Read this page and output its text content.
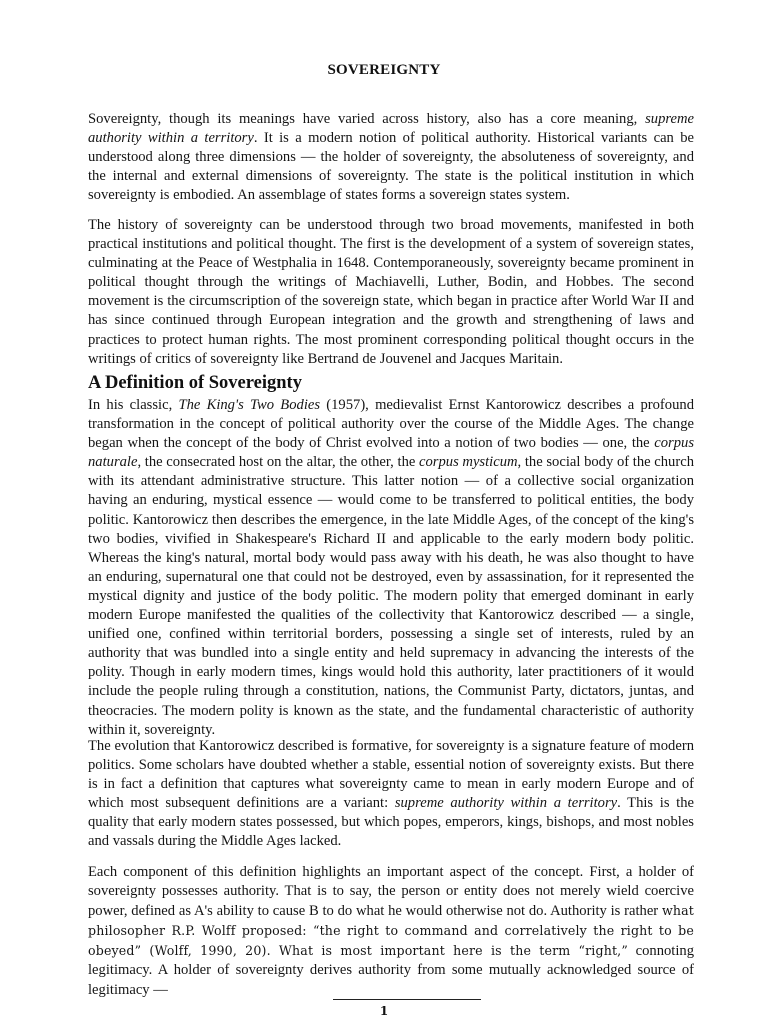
SOVEREIGNTY

Sovereignty, though its meanings have varied across history, also has a core meaning, supreme authority within a territory. It is a modern notion of political authority. Historical variants can be understood along three dimensions — the holder of sovereignty, the absoluteness of sovereignty, and the internal and external dimensions of sovereignty. The state is the political institution in which sovereignty is embodied. An assemblage of states forms a sovereign states system.

The history of sovereignty can be understood through two broad movements, manifested in both practical institutions and political thought. The first is the development of a system of sovereign states, culminating at the Peace of Westphalia in 1648. Contemporaneously, sovereignty became prominent in political thought through the writings of Machiavelli, Luther, Bodin, and Hobbes. The second movement is the circumscription of the sovereign state, which began in practice after World War II and has since continued through European integration and the growth and strengthening of laws and practices to protect human rights. The most prominent corresponding political thought occurs in the writings of critics of sovereignty like Bertrand de Jouvenel and Jacques Maritain.

A Definition of Sovereignty

In his classic, The King's Two Bodies (1957), medievalist Ernst Kantorowicz describes a profound transformation in the concept of political authority over the course of the Middle Ages. The change began when the concept of the body of Christ evolved into a notion of two bodies — one, the corpus naturale, the consecrated host on the altar, the other, the corpus mysticum, the social body of the church with its attendant administrative structure. This latter notion — of a collective social organization having an enduring, mystical essence — would come to be transferred to political entities, the body politic. Kantorowicz then describes the emergence, in the late Middle Ages, of the concept of the king's two bodies, vivified in Shakespeare's Richard II and applicable to the early modern body politic. Whereas the king's natural, mortal body would pass away with his death, he was also thought to have an enduring, supernatural one that could not be destroyed, even by assassination, for it represented the mystical dignity and justice of the body politic. The modern polity that emerged dominant in early modern Europe manifested the qualities of the collectivity that Kantorowicz described — a single, unified one, confined within territorial borders, possessing a single set of interests, ruled by an authority that was bundled into a single entity and held supremacy in advancing the interests of the polity. Though in early modern times, kings would hold this authority, later practitioners of it would include the people ruling through a constitution, nations, the Communist Party, dictators, juntas, and theocracies. The modern polity is known as the state, and the fundamental characteristic of authority within it, sovereignty.

The evolution that Kantorowicz described is formative, for sovereignty is a signature feature of modern politics. Some scholars have doubted whether a stable, essential notion of sovereignty exists. But there is in fact a definition that captures what sovereignty came to mean in early modern Europe and of which most subsequent definitions are a variant: supreme authority within a territory. This is the quality that early modern states possessed, but which popes, emperors, kings, bishops, and most nobles and vassals during the Middle Ages lacked.

Each component of this definition highlights an important aspect of the concept. First, a holder of sovereignty possesses authority. That is to say, the person or entity does not merely wield coercive power, defined as A's ability to cause B to do what he would otherwise not do. Authority is rather what philosopher R.P. Wolff proposed: “the right to command and correlatively the right to be obeyed” (Wolff, 1990, 20). What is most important here is the term “right,” connoting legitimacy. A holder of sovereignty derives authority from some mutually acknowledged source of legitimacy —

1
